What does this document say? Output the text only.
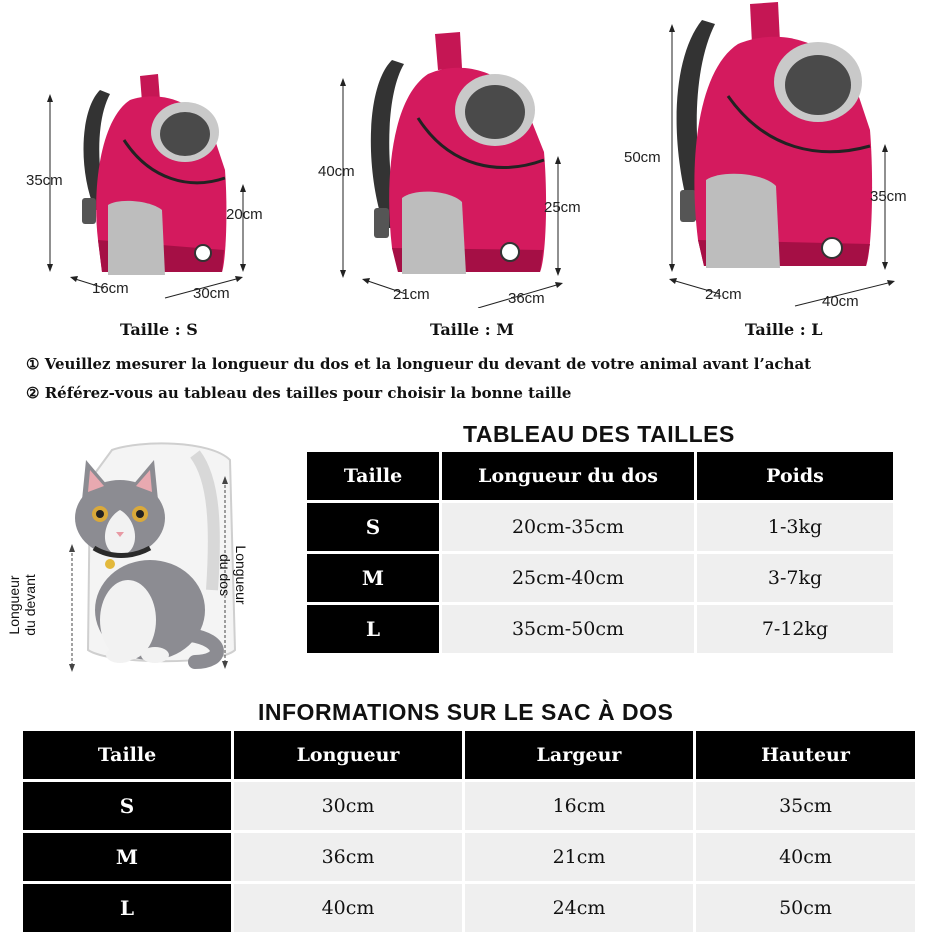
35cm
20cm
16cm	30cm
Taille : S
40cm
25cm
21cm	36cm
Taille : M
50cm
35cm
24cm	40cm
Taille : L
① Veuillez mesurer la longueur du dos et la longueur du devant de votre animal avant l’achat
② Référez-vous au tableau des tailles pour choisir la bonne taille
Longueur
du dos
Longueur du devant
TABLEAU DES TAILLES
Taille	Longueur du dos	Poids
S	20cm-35cm	1-3kg
M	25cm-40cm	3-7kg
L	35cm-50cm	7-12kg
INFORMATIONS SUR LE SAC À DOS
Taille	Longueur	Largeur	Hauteur
S	30cm	16cm	35cm
M	36cm	21cm	40cm
L	40cm	24cm	50cm
